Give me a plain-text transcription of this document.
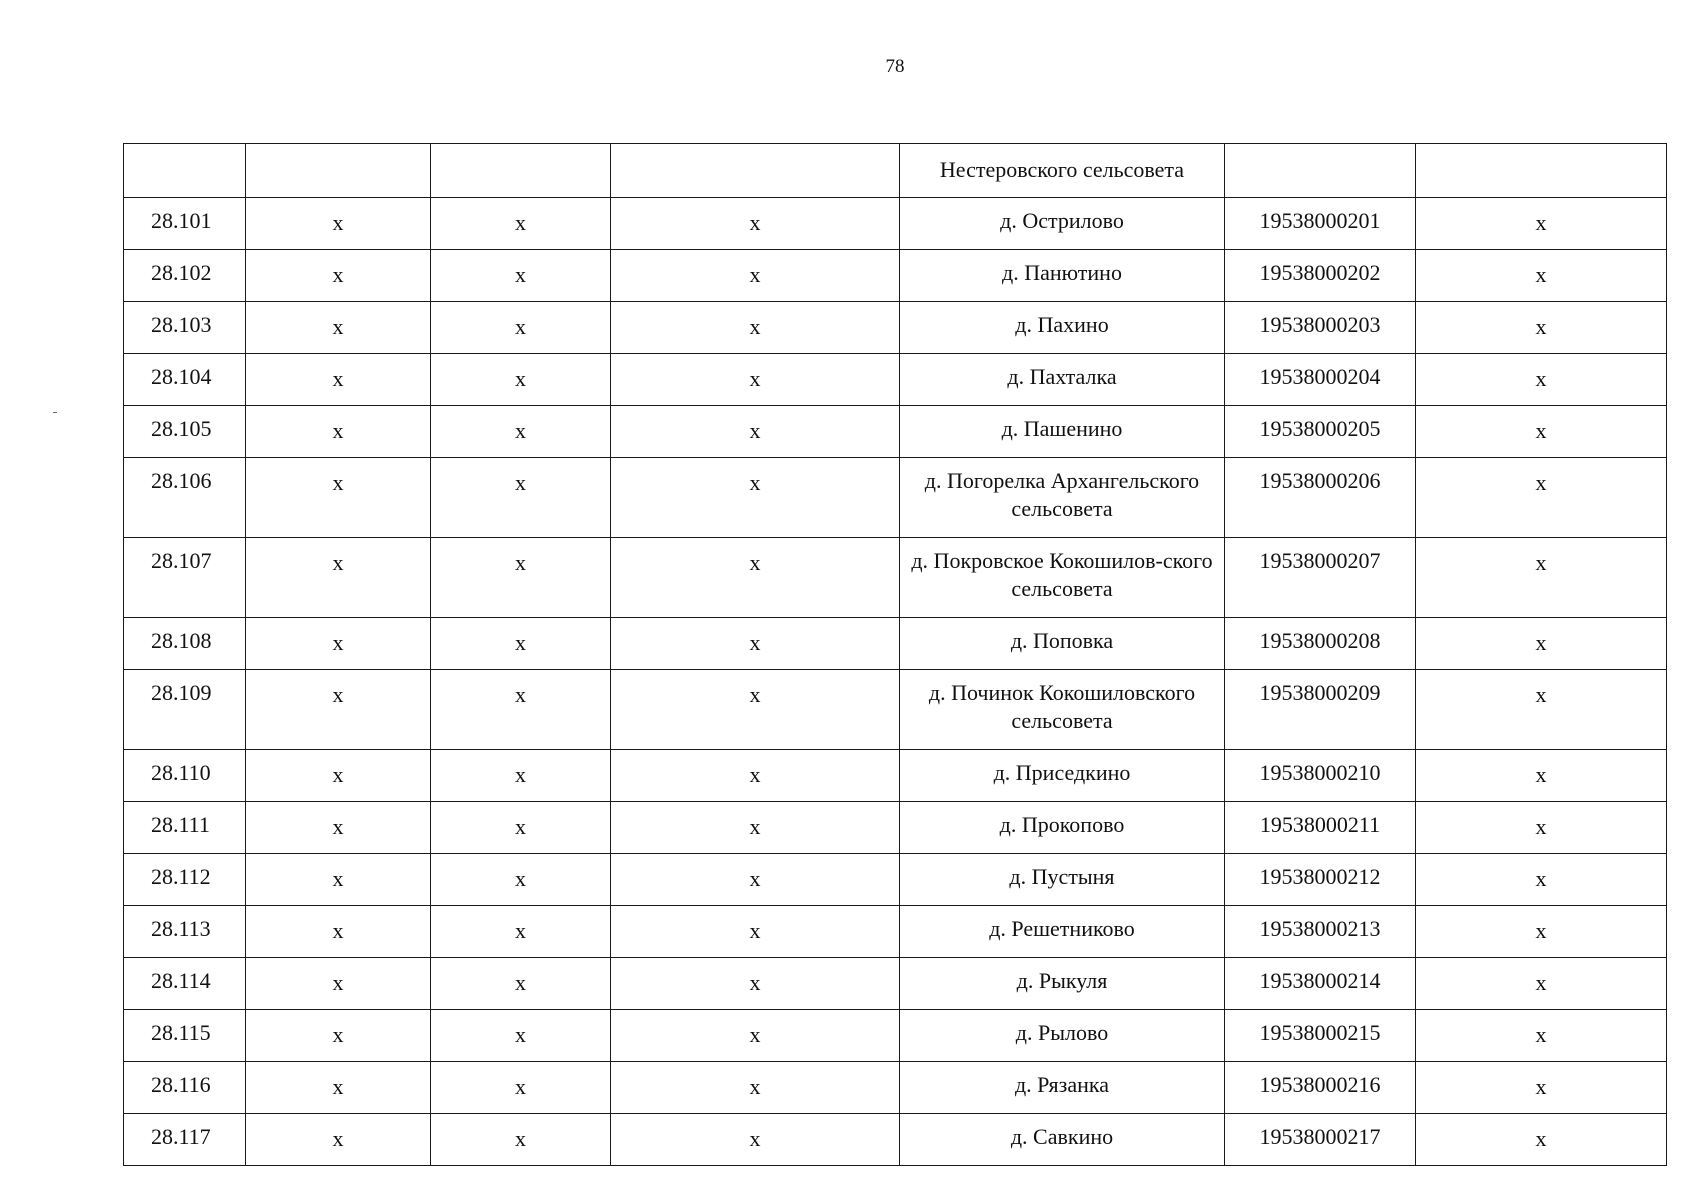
78
				Нестеровского сельсовета		
28.101	x	x	x	д. Острилово	19538000201	x
28.102	x	x	x	д. Панютино	19538000202	x
28.103	x	x	x	д. Пахино	19538000203	x
28.104	x	x	x	д. Пахталка	19538000204	x
28.105	x	x	x	д. Пашенино	19538000205	x
28.106	x	x	x	д. Погорелка Архангельского сельсовета	19538000206	x
28.107	x	x	x	д. Покровское Кокошилов-ского сельсовета	19538000207	x
28.108	x	x	x	д. Поповка	19538000208	x
28.109	x	x	x	д. Починок Кокошиловского сельсовета	19538000209	x
28.110	x	x	x	д. Приседкино	19538000210	x
28.111	x	x	x	д. Прокопово	19538000211	x
28.112	x	x	x	д. Пустыня	19538000212	x
28.113	x	x	x	д. Решетниково	19538000213	x
28.114	x	x	x	д. Рыкуля	19538000214	x
28.115	x	x	x	д. Рылово	19538000215	x
28.116	x	x	x	д. Рязанка	19538000216	x
28.117	x	x	x	д. Савкино	19538000217	x
